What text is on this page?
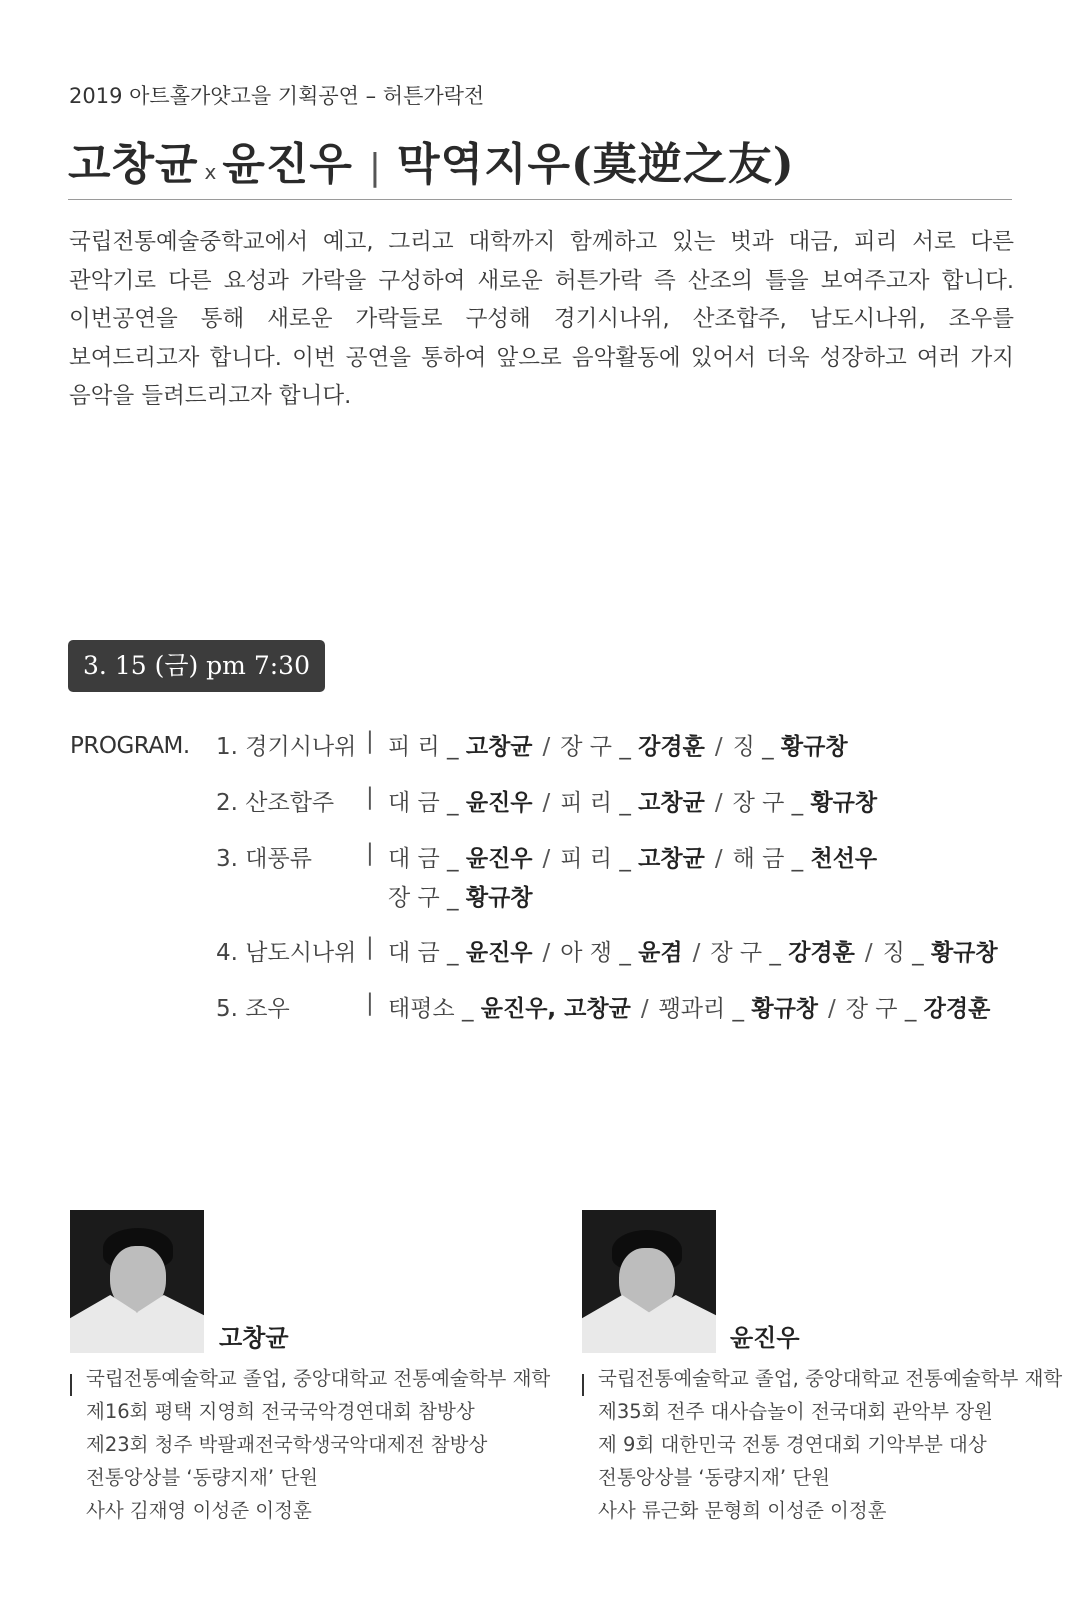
2019 아트홀가얏고을 기획공연 – 허튼가락전
고창균 x 윤진우 | 막역지우(莫逆之友)
국립전통예술중학교에서 예고, 그리고 대학까지 함께하고 있는 벗과 대금, 피리 서로 다른
관악기로 다른 요성과 가락을 구성하여 새로운 허튼가락 즉 산조의 틀을 보여주고자 합니다.
이번공연을 통해 새로운 가락들로 구성해 경기시나위, 산조합주, 남도시나위, 조우를
보여드리고자 합니다. 이번 공연을 통하여 앞으로 음악활동에 있어서 더욱 성장하고 여러 가지
음악을 들려드리고자 합니다.
3. 15 (금) pm 7:30
PROGRAM. 1. 경기시나위 | 피 리 _ 고창균 / 장 구 _ 강경훈 / 징 _ 황규창
2. 산조합주 | 대 금 _ 윤진우 / 피 리 _ 고창균 / 장 구 _ 황규창
3. 대풍류 | 대 금 _ 윤진우 / 피 리 _ 고창균 / 해 금 _ 천선우
장 구 _ 황규창
4. 남도시나위 | 대 금 _ 윤진우 / 아 쟁 _ 윤겸 / 장 구 _ 강경훈 / 징 _ 황규창
5. 조우	| 태평소 _ 윤진우, 고창균 / 꽹과리 _ 황규창 / 장 구 _ 강경훈
고창균
국립전통예술학교 졸업, 중앙대학교 전통예술학부 재학
제16회 평택 지영희 전국국악경연대회 참방상
제23회 청주 박팔괘전국학생국악대제전 참방상
전통앙상블 ‘동량지재’ 단원
사사 김재영 이성준 이정훈
윤진우
국립전통예술학교 졸업, 중앙대학교 전통예술학부 재학
제35회 전주 대사습놀이 전국대회 관악부 장원
제 9회 대한민국 전통 경연대회 기악부분 대상
전통앙상블 ‘동량지재’ 단원
사사 류근화 문형희 이성준 이정훈
